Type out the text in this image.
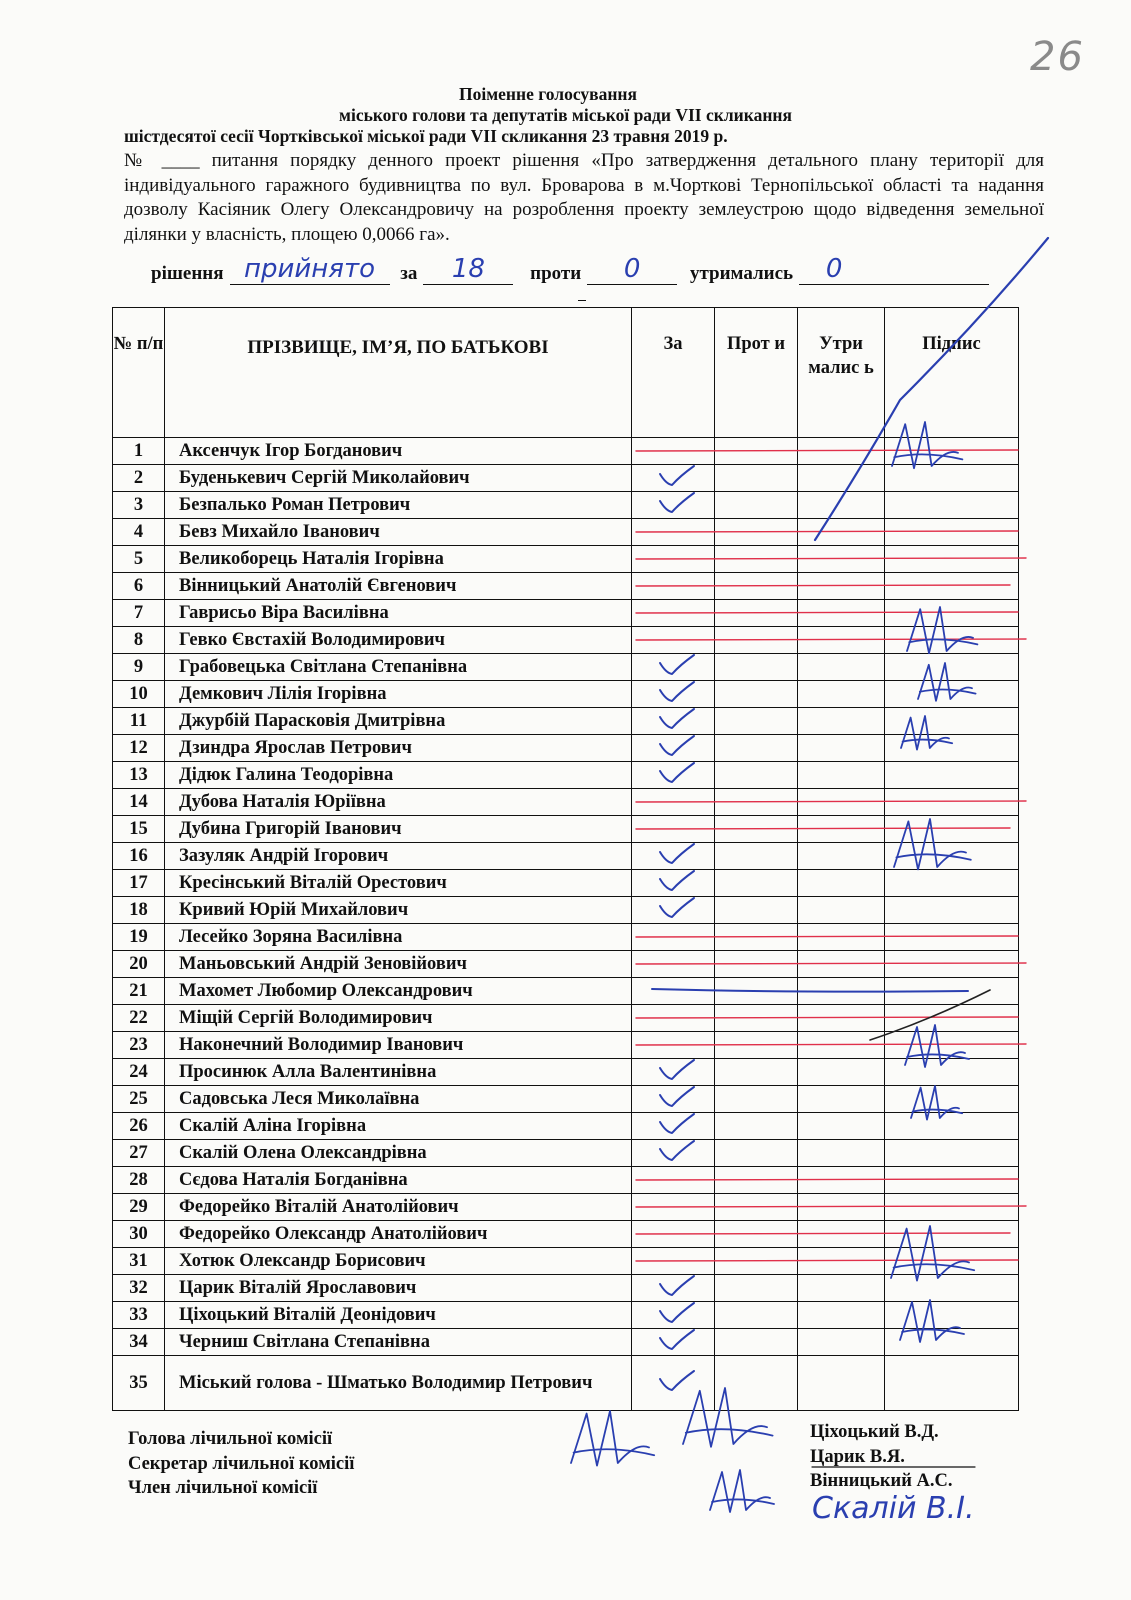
26
Поіменне голосування
міського голови та депутатів міської ради VII скликання
шістдесятої сесії Чортківської міської ради VII скликання 23 травня 2019 р.
№ ____ питання порядку денного проект рішення «Про затвердження детального плану території для індивідуального гаражного будивництва по вул. Броварова в м.Чорткові Тернопільської області та надання дозволу Касіяник Олегу Олександровичу на розроблення проекту землеустрою щодо відведення земельної ділянки у власність, площею 0,0066 га».
рішення прийнято	за	18	проти	0	утримались	0
№ п/п	ПРІЗВИЩЕ, ІМ’Я, ПО БАТЬКОВІ	За	Прот и	Утри малис ь	Підпис
1	Аксенчук Ігор Богданович				
2	Буденькевич Сергій Миколайович				
3	Безпалько Роман Петрович				
4	Бевз Михайло Іванович				
5	Великоборець Наталія Ігорівна				
6	Вінницький Анатолій Євгенович				
7	Гаврисьо Віра Василівна				
8	Гевко Євстахій Володимирович				
9	Грабовецька Світлана Степанівна				
10	Демкович Лілія Ігорівна				
11	Джурбій Парасковія Дмитрівна				
12	Дзиндра Ярослав Петрович				
13	Дідюк Галина Теодорівна				
14	Дубова Наталія Юріївна				
15	Дубина Григорій Іванович				
16	Зазуляк Андрій Ігорович				
17	Кресінський Віталій Орестович				
18	Кривий Юрій Михайлович				
19	Лесейко Зоряна Василівна				
20	Маньовський Андрій Зеновійович				
21	Махомет Любомир Олександрович				
22	Міщій Сергій Володимирович				
23	Наконечний Володимир Іванович				
24	Просинюк Алла Валентинівна				
25	Садовська Леся Миколаївна				
26	Скалій Аліна Ігорівна				
27	Скалій Олена Олександрівна				
28	Сєдова Наталія Богданівна				
29	Федорейко Віталій Анатолійович				
30	Федорейко Олександр Анатолійович				
31	Хотюк Олександр Борисович				
32	Царик Віталій Ярославович				
33	Ціхоцький Віталій Деонідович				
34	Черниш Світлана Степанівна				
35	Міський голова - Шматько Володимир Петрович				
Скалій В.І.
Голова лічильної комісії
Секретар лічильної комісії
Член лічильної комісії
Ціхоцький В.Д.
Царик В.Я.
Вінницький А.С.
